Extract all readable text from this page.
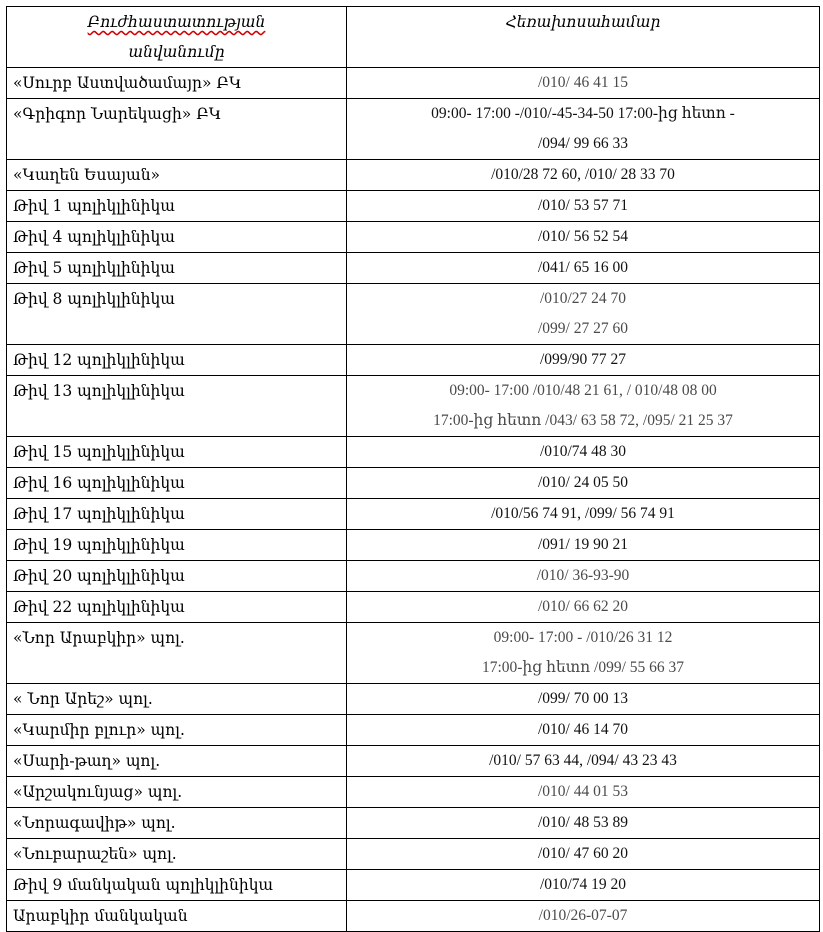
Բուժհաստատության
անվանումը	Հեռախոսահամար
«Սուրբ Աստվածամայր» ԲԿ	/010/ 46 41 15

«Գրիգոր Նարեկացի» ԲԿ	09:00- 17:00 -/010/-45-34-50 17:00-ից հետո -
/094/ 99 66 33

«Կաղեն Եսայան»	/010/28 72 60, /010/ 28 33 70

Թիվ 1 պոլիկլինիկա	/010/ 53 57 71

Թիվ 4 պոլիկլինիկա	/010/ 56 52 54

Թիվ 5 պոլիկլինիկա	/041/ 65 16 00

Թիվ 8 պոլիկլինիկա	/010/27 24 70
/099/ 27 27 60

Թիվ 12 պոլիկլինիկա	/099/90 77 27

Թիվ 13 պոլիկլինիկա	09:00- 17:00 /010/48 21 61, / 010/48 08 00
17:00-ից հետո /043/ 63 58 72, /095/ 21 25 37

Թիվ 15 պոլիկլինիկա	/010/74 48 30

Թիվ 16 պոլիկլինիկա	/010/ 24 05 50

Թիվ 17 պոլիկլինիկա	/010/56 74 91, /099/ 56 74 91

Թիվ 19 պոլիկլինիկա	/091/ 19 90 21

Թիվ 20 պոլիկլինիկա	/010/ 36-93-90

Թիվ 22 պոլիկլինիկա	/010/ 66 62 20

«Նոր Արաբկիր» պոլ.	09:00- 17:00 - /010/26 31 12
17:00-ից հետո /099/ 55 66 37

« Նոր Արեշ» պոլ.	/099/ 70 00 13

«Կարմիր բլուր» պոլ.	/010/ 46 14 70

«Սարի-թաղ» պոլ.	/010/ 57 63 44, /094/ 43 23 43

«Արշակունյաց» պոլ.	/010/ 44 01 53

«Նորագավիթ» պոլ.	/010/ 48 53 89

«Նուբարաշեն» պոլ.	/010/ 47 60 20

Թիվ 9 մանկական պոլիկլինիկա	/010/74 19 20

Արաբկիր մանկական	/010/26-07-07
